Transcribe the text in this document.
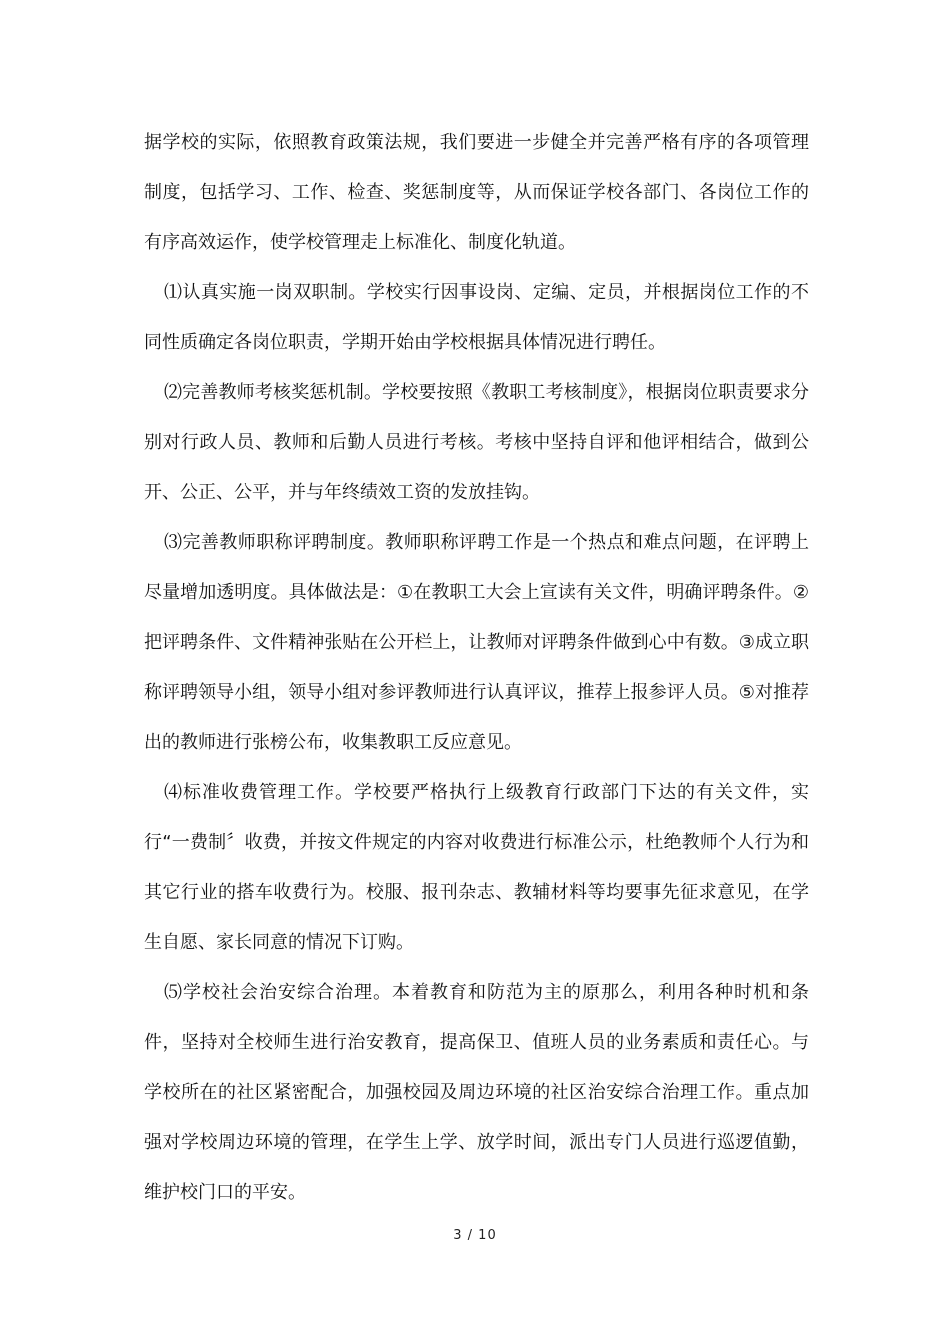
据学校的实际，依照教育政策法规，我们要进一步健全并完善严格有序的各项管理制度，包括学习、工作、检查、奖惩制度等，从而保证学校各部门、各岗位工作的有序高效运作，使学校管理走上标准化、制度化轨道。

⑴认真实施一岗双职制。学校实行因事设岗、定编、定员，并根据岗位工作的不同性质确定各岗位职责，学期开始由学校根据具体情况进行聘任。

⑵完善教师考核奖惩机制。学校要按照《教职工考核制度》，根据岗位职责要求分别对行政人员、教师和后勤人员进行考核。考核中坚持自评和他评相结合，做到公开、公正、公平，并与年终绩效工资的发放挂钩。

⑶完善教师职称评聘制度。教师职称评聘工作是一个热点和难点问题，在评聘上尽量增加透明度。具体做法是：①在教职工大会上宣读有关文件，明确评聘条件。②把评聘条件、文件精神张贴在公开栏上，让教师对评聘条件做到心中有数。③成立职称评聘领导小组，领导小组对参评教师进行认真评议，推荐上报参评人员。⑤对推荐出的教师进行张榜公布，收集教职工反应意见。

⑷标准收费管理工作。学校要严格执行上级教育行政部门下达的有关文件，实行“一费制〞收费，并按文件规定的内容对收费进行标准公示，杜绝教师个人行为和其它行业的搭车收费行为。校服、报刊杂志、教辅材料等均要事先征求意见，在学生自愿、家长同意的情况下订购。

⑸学校社会治安综合治理。本着教育和防范为主的原那么，利用各种时机和条件，坚持对全校师生进行治安教育，提高保卫、值班人员的业务素质和责任心。与学校所在的社区紧密配合，加强校园及周边环境的社区治安综合治理工作。重点加强对学校周边环境的管理，在学生上学、放学时间，派出专门人员进行巡逻值勤，维护校门口的平安。

3 / 10
